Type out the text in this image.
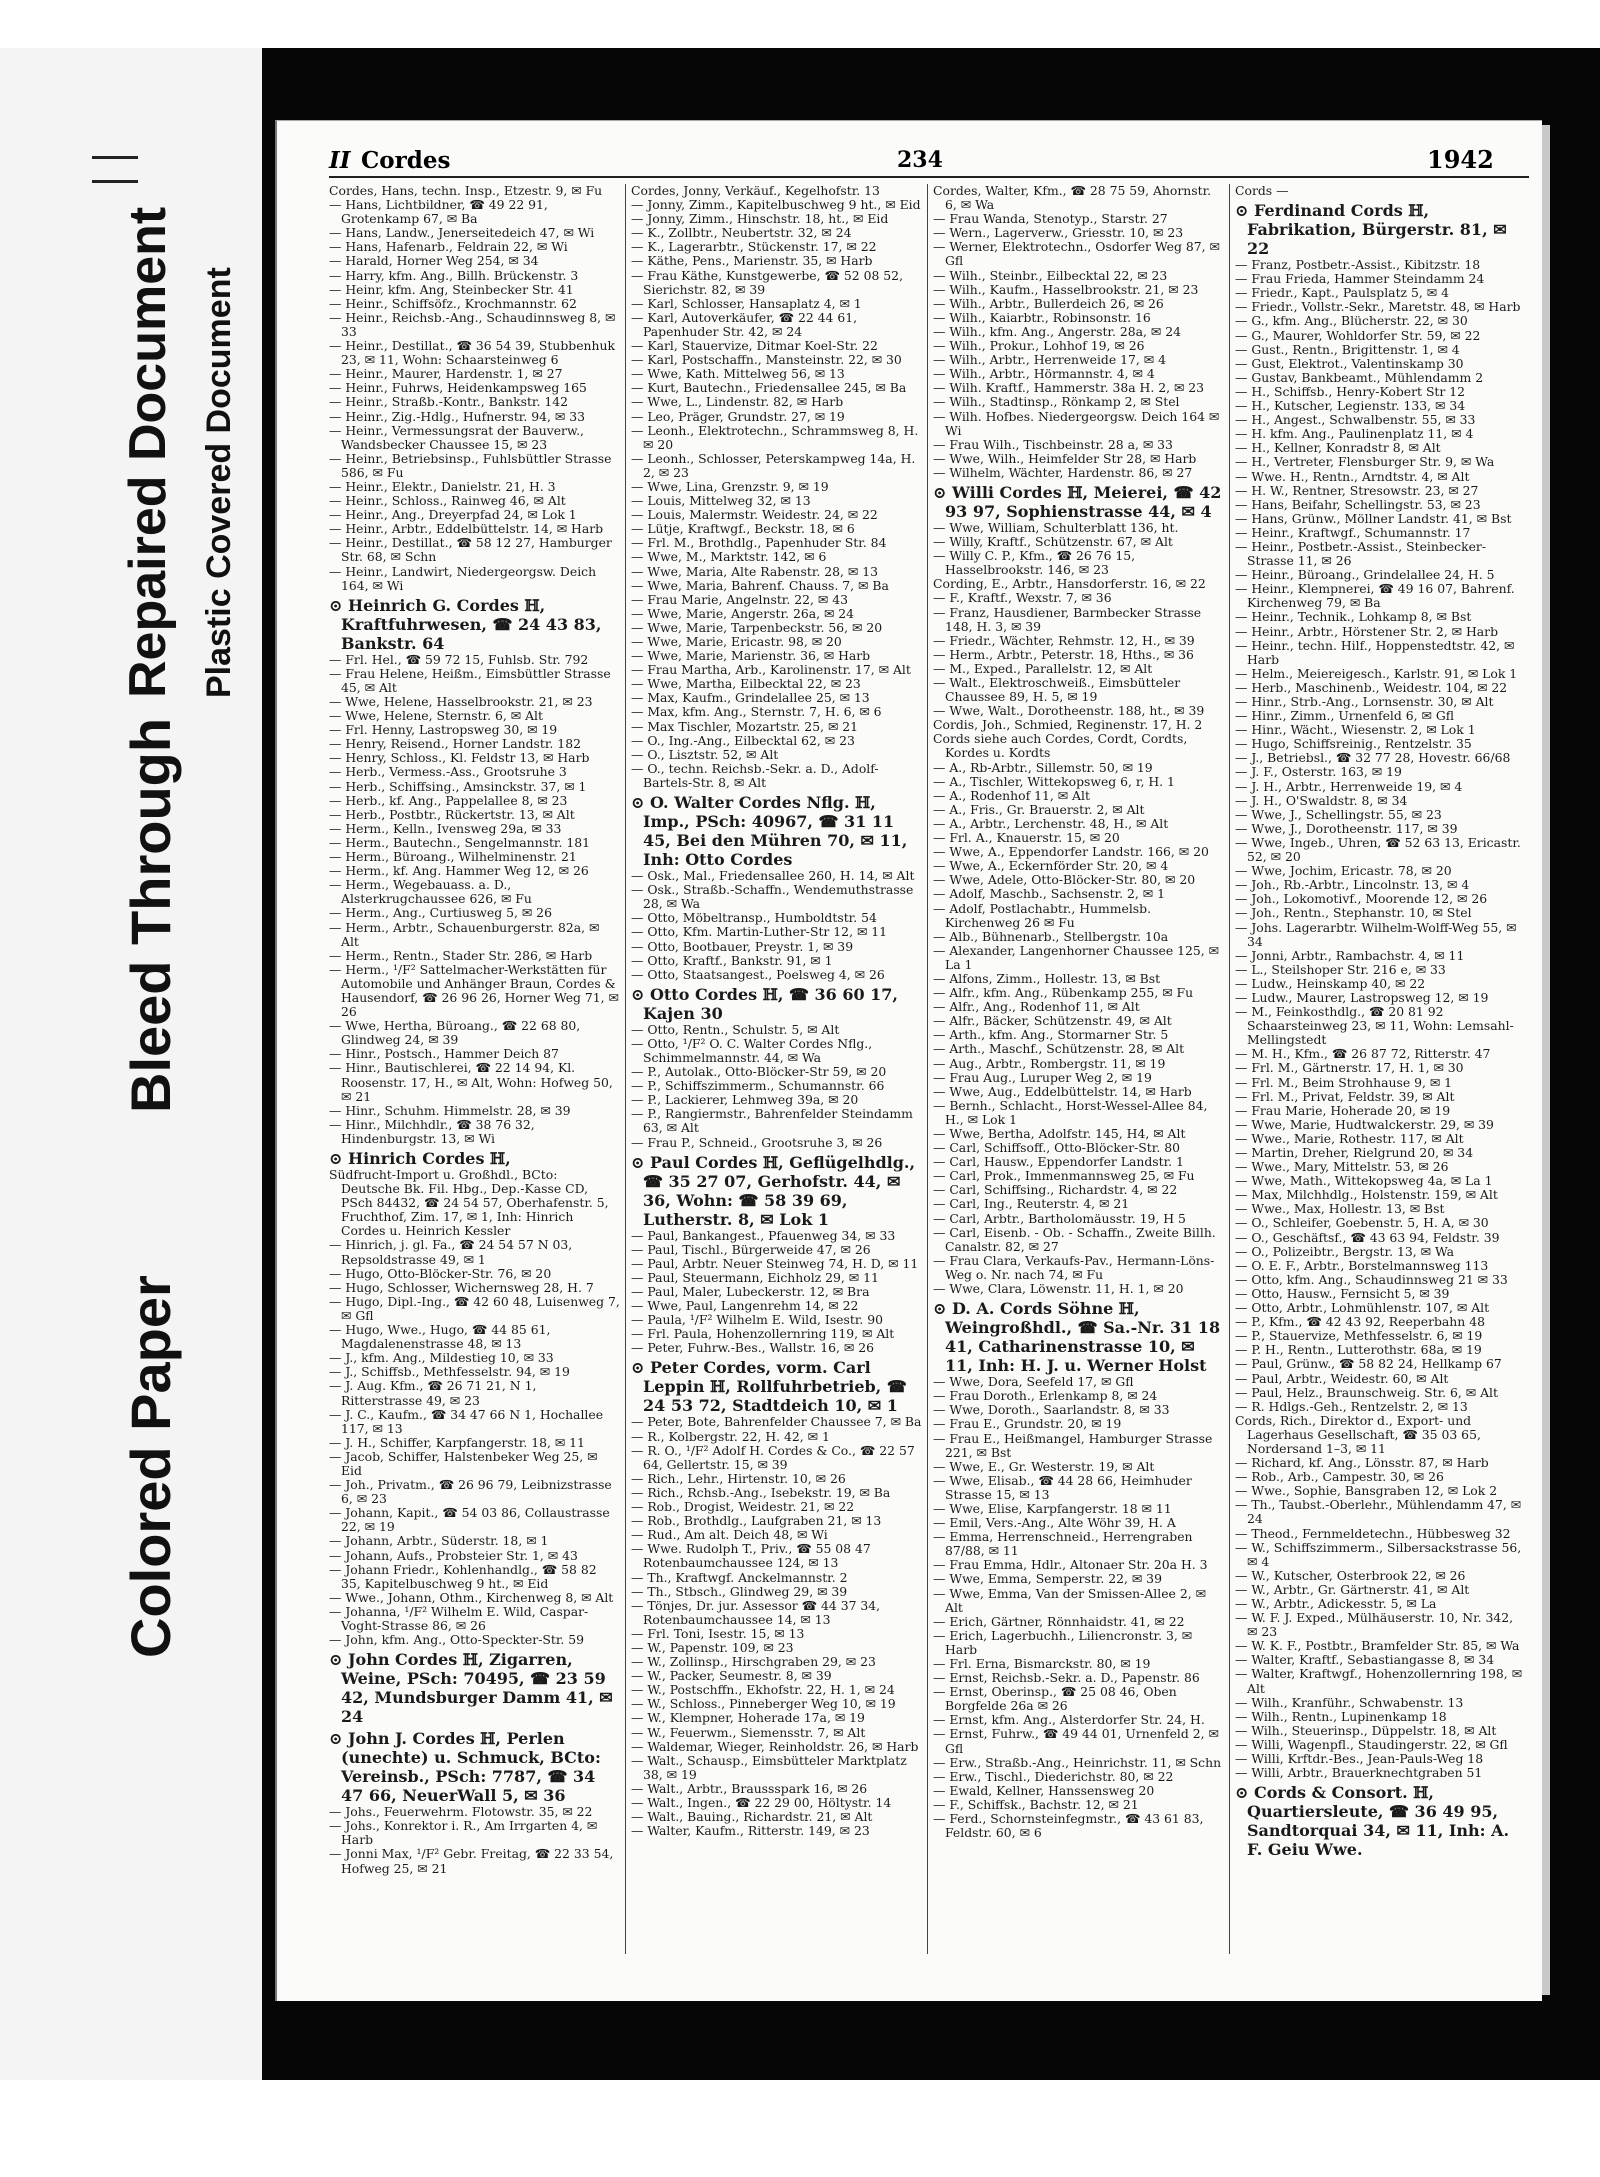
Repaired Document Plastic Covered Document
Bleed Through
Colored Paper
II Cordes	234	1942

Cordes, Hans, techn. Insp., Etzestr. 9, ✉ Fu

— Hans, Lichtbildner, ☎ 49 22 91, Grotenkamp 67, ✉ Ba

— Hans, Landw., Jenerseitedeich 47, ✉ Wi

— Hans, Hafenarb., Feldrain 22, ✉ Wi

— Harald, Horner Weg 254, ✉ 34

— Harry, kfm. Ang., Billh. Brückenstr. 3

— Heinr, kfm. Ang, Steinbecker Str. 41

— Heinr., Schiffsöfz., Krochmannstr. 62

— Heinr., Reichsb.-Ang., Schaudinnsweg 8, ✉ 33

— Heinr., Destillat., ☎ 36 54 39, Stubbenhuk 23, ✉ 11, Wohn: Schaarsteinweg 6

— Heinr., Maurer, Hardenstr. 1, ✉ 27

— Heinr., Fuhrws, Heidenkampsweg 165

— Heinr., Straßb.-Kontr., Bankstr. 142

— Heinr., Zig.-Hdlg., Hufnerstr. 94, ✉ 33

— Heinr., Vermessungsrat der Bauverw., Wandsbecker Chaussee 15, ✉ 23

— Heinr., Betriebsinsp., Fuhlsbüttler Strasse 586, ✉ Fu

— Heinr., Elektr., Danielstr. 21, H. 3

— Heinr., Schloss., Rainweg 46, ✉ Alt

— Heinr., Ang., Dreyerpfad 24, ✉ Lok 1

— Heinr., Arbtr., Eddelbüttelstr. 14, ✉ Harb

— Heinr., Destillat., ☎ 58 12 27, Hamburger Str. 68, ✉ Schn

— Heinr., Landwirt, Niedergeorgsw. Deich 164, ✉ Wi

⊙ Heinrich G. Cordes ℍ, Kraftfuhrwesen, ☎ 24 43 83, Bankstr. 64

— Frl. Hel., ☎ 59 72 15, Fuhlsb. Str. 792

— Frau Helene, Heißm., Eimsbüttler Strasse 45, ✉ Alt

— Wwe, Helene, Hasselbrookstr. 21, ✉ 23

— Wwe, Helene, Sternstr. 6, ✉ Alt

— Frl. Henny, Lastropsweg 30, ✉ 19

— Henry, Reisend., Horner Landstr. 182

— Henry, Schloss., Kl. Feldstr 13, ✉ Harb

— Herb., Vermess.-Ass., Grootsruhe 3

— Herb., Schiffsing., Amsinckstr. 37, ✉ 1

— Herb., kf. Ang., Pappelallee 8, ✉ 23

— Herb., Postbtr., Rückertstr. 13, ✉ Alt

— Herm., Kelln., Ivensweg 29a, ✉ 33

— Herm., Bautechn., Sengelmannstr. 181

— Herm., Büroang., Wilhelminenstr. 21

— Herm., kf. Ang. Hammer Weg 12, ✉ 26

— Herm., Wegebauass. a. D., Alsterkrugchaussee 626, ✉ Fu

— Herm., Ang., Curtiusweg 5, ✉ 26

— Herm., Arbtr., Schauenburgerstr. 82a, ✉ Alt

— Herm., Rentn., Stader Str. 286, ✉ Harb

— Herm., ¹/F² Sattelmacher-Werkstätten für Automobile und Anhänger Braun, Cordes & Hausendorf, ☎ 26 96 26, Horner Weg 71, ✉ 26

— Wwe, Hertha, Büroang., ☎ 22 68 80, Glindweg 24, ✉ 39

— Hinr., Postsch., Hammer Deich 87

— Hinr., Bautischlerei, ☎ 22 14 94, Kl. Roosenstr. 17, H., ✉ Alt, Wohn: Hofweg 50, ✉ 21

— Hinr., Schuhm. Himmelstr. 28, ✉ 39

— Hinr., Milchhdlr., ☎ 38 76 32, Hindenburgstr. 13, ✉ Wi

⊙ Hinrich Cordes ℍ,

Südfrucht-Import u. Großhdl., BCto: Deutsche Bk. Fil. Hbg., Dep.-Kasse CD, PSch 84432, ☎ 24 54 57, Oberhafenstr. 5, Fruchthof, Zim. 17, ✉ 1, Inh: Hinrich Cordes u. Heinrich Kessler

— Hinrich, j. gl. Fa., ☎ 24 54 57 N 03, Repsoldstrasse 49, ✉ 1

— Hugo, Otto-Blöcker-Str. 76, ✉ 20

— Hugo, Schlosser, Wichernsweg 28, H. 7

— Hugo, Dipl.-Ing., ☎ 42 60 48, Luisenweg 7, ✉ Gfl

— Hugo, Wwe., Hugo, ☎ 44 85 61, Magdalenenstrasse 48, ✉ 13

— J., kfm. Ang., Mildestieg 10, ✉ 33

— J., Schiffsb., Methfesselstr. 94, ✉ 19

— J. Aug. Kfm., ☎ 26 71 21, N 1, Ritterstrasse 49, ✉ 23

— J. C., Kaufm., ☎ 34 47 66 N 1, Hochallee 117, ✉ 13

— J. H., Schiffer, Karpfangerstr. 18, ✉ 11

— Jacob, Schiffer, Halstenbeker Weg 25, ✉ Eid

— Joh., Privatm., ☎ 26 96 79, Leibnizstrasse 6, ✉ 23

— Johann, Kapit., ☎ 54 03 86, Collaustrasse 22, ✉ 19

— Johann, Arbtr., Süderstr. 18, ✉ 1

— Johann, Aufs., Probsteier Str. 1, ✉ 43

— Johann Friedr., Kohlenhandlg., ☎ 58 82 35, Kapitelbuschweg 9 ht., ✉ Eid

— Wwe., Johann, Othm., Kirchenweg 8, ✉ Alt

— Johanna, ¹/F² Wilhelm E. Wild, Caspar-Voght-Strasse 86, ✉ 26

— John, kfm. Ang., Otto-Speckter-Str. 59

⊙ John Cordes ℍ, Zigarren, Weine, PSch: 70495, ☎ 23 59 42, Mundsburger Damm 41, ✉ 24

⊙ John J. Cordes ℍ, Perlen (unechte) u. Schmuck, BCto: Vereinsb., PSch: 7787, ☎ 34 47 66, NeuerWall 5, ✉ 36

— Johs., Feuerwehrm. Flotowstr. 35, ✉ 22

— Johs., Konrektor i. R., Am Irrgarten 4, ✉ Harb

— Jonni Max, ¹/F² Gebr. Freitag, ☎ 22 33 54, Hofweg 25, ✉ 21

Cordes, Jonny, Verkäuf., Kegelhofstr. 13

— Jonny, Zimm., Kapitelbuschweg 9 ht., ✉ Eid

— Jonny, Zimm., Hinschstr. 18, ht., ✉ Eid

— K., Zollbtr., Neubertstr. 32, ✉ 24

— K., Lagerarbtr., Stückenstr. 17, ✉ 22

— Käthe, Pens., Marienstr. 35, ✉ Harb

— Frau Käthe, Kunstgewerbe, ☎ 52 08 52, Sierichstr. 82, ✉ 39

— Karl, Schlosser, Hansaplatz 4, ✉ 1

— Karl, Autoverkäufer, ☎ 22 44 61, Papenhuder Str. 42, ✉ 24

— Karl, Stauervize, Ditmar Koel-Str. 22

— Karl, Postschaffn., Mansteinstr. 22, ✉ 30

— Wwe, Kath. Mittelweg 56, ✉ 13

— Kurt, Bautechn., Friedensallee 245, ✉ Ba

— Wwe, L., Lindenstr. 82, ✉ Harb

— Leo, Präger, Grundstr. 27, ✉ 19

— Leonh., Elektrotechn., Schrammsweg 8, H. ✉ 20

— Leonh., Schlosser, Peterskampweg 14a, H. 2, ✉ 23

— Wwe, Lina, Grenzstr. 9, ✉ 19

— Louis, Mittelweg 32, ✉ 13

— Louis, Malermstr. Weidestr. 24, ✉ 22

— Lütje, Kraftwgf., Beckstr. 18, ✉ 6

— Frl. M., Brothdlg., Papenhuder Str. 84

— Wwe, M., Marktstr. 142, ✉ 6

— Wwe, Maria, Alte Rabenstr. 28, ✉ 13

— Wwe, Maria, Bahrenf. Chauss. 7, ✉ Ba

— Frau Marie, Angelnstr. 22, ✉ 43

— Wwe, Marie, Angerstr. 26a, ✉ 24

— Wwe, Marie, Tarpenbeckstr. 56, ✉ 20

— Wwe, Marie, Ericastr. 98, ✉ 20

— Wwe, Marie, Marienstr. 36, ✉ Harb

— Frau Martha, Arb., Karolinenstr. 17, ✉ Alt

— Wwe, Martha, Eilbecktal 22, ✉ 23

— Max, Kaufm., Grindelallee 25, ✉ 13

— Max, kfm. Ang., Sternstr. 7, H. 6, ✉ 6

— Max Tischler, Mozartstr. 25, ✉ 21

— O., Ing.-Ang., Eilbecktal 62, ✉ 23

— O., Lisztstr. 52, ✉ Alt

— O., techn. Reichsb.-Sekr. a. D., Adolf-Bartels-Str. 8, ✉ Alt

⊙ O. Walter Cordes Nflg. ℍ, Imp., PSch: 40967, ☎ 31 11 45, Bei den Mühren 70, ✉ 11, Inh: Otto Cordes

— Osk., Mal., Friedensallee 260, H. 14, ✉ Alt

— Osk., Straßb.-Schaffn., Wendemuthstrasse 28, ✉ Wa

— Otto, Möbeltransp., Humboldtstr. 54

— Otto, Kfm. Martin-Luther-Str 12, ✉ 11

— Otto, Bootbauer, Preystr. 1, ✉ 39

— Otto, Kraftf., Bankstr. 91, ✉ 1

— Otto, Staatsangest., Poelsweg 4, ✉ 26

⊙ Otto Cordes ℍ, ☎ 36 60 17, Kajen 30

— Otto, Rentn., Schulstr. 5, ✉ Alt

— Otto, ¹/F² O. C. Walter Cordes Nflg., Schimmelmannstr. 44, ✉ Wa

— P., Autolak., Otto-Blöcker-Str 59, ✉ 20

— P., Schiffszimmerm., Schumannstr. 66

— P., Lackierer, Lehmweg 39a, ✉ 20

— P., Rangiermstr., Bahrenfelder Steindamm 63, ✉ Alt

— Frau P., Schneid., Grootsruhe 3, ✉ 26

⊙ Paul Cordes ℍ, Geflügelhdlg., ☎ 35 27 07, Gerhofstr. 44, ✉ 36, Wohn: ☎ 58 39 69, Lutherstr. 8, ✉ Lok 1

— Paul, Bankangest., Pfauenweg 34, ✉ 33

— Paul, Tischl., Bürgerweide 47, ✉ 26

— Paul, Arbtr. Neuer Steinweg 74, H. D, ✉ 11

— Paul, Steuermann, Eichholz 29, ✉ 11

— Paul, Maler, Lubeckerstr. 12, ✉ Bra

— Wwe, Paul, Langenrehm 14, ✉ 22

— Paula, ¹/F² Wilhelm E. Wild, Isestr. 90

— Frl. Paula, Hohenzollernring 119, ✉ Alt

— Peter, Fuhrw.-Bes., Wallstr. 16, ✉ 26

⊙ Peter Cordes, vorm. Carl Leppin ℍ, Rollfuhrbetrieb, ☎ 24 53 72, Stadtdeich 10, ✉ 1

— Peter, Bote, Bahrenfelder Chaussee 7, ✉ Ba

— R., Kolbergstr. 22, H. 42, ✉ 1

— R. O., ¹/F² Adolf H. Cordes & Co., ☎ 22 57 64, Gellertstr. 15, ✉ 39

— Rich., Lehr., Hirtenstr. 10, ✉ 26

— Rich., Rchsb.-Ang., Isebekstr. 19, ✉ Ba

— Rob., Drogist, Weidestr. 21, ✉ 22

— Rob., Brothdlg., Laufgraben 21, ✉ 13

— Rud., Am alt. Deich 48, ✉ Wi

— Wwe. Rudolph T., Priv., ☎ 55 08 47 Rotenbaumchaussee 124, ✉ 13

— Th., Kraftwgf. Anckelmannstr. 2

— Th., Stbsch., Glindweg 29, ✉ 39

— Tönjes, Dr. jur. Assessor ☎ 44 37 34, Rotenbaumchaussee 14, ✉ 13

— Frl. Toni, Isestr. 15, ✉ 13

— W., Papenstr. 109, ✉ 23

— W., Zollinsp., Hirschgraben 29, ✉ 23

— W., Packer, Seumestr. 8, ✉ 39

— W., Postschffn., Ekhofstr. 22, H. 1, ✉ 24

— W., Schloss., Pinneberger Weg 10, ✉ 19

— W., Klempner, Hoherade 17a, ✉ 19

— W., Feuerwm., Siemensstr. 7, ✉ Alt

— Waldemar, Wieger, Reinholdstr. 26, ✉ Harb

— Walt., Schausp., Eimsbütteler Marktplatz 38, ✉ 19

— Walt., Arbtr., Braussspark 16, ✉ 26

— Walt., Ingen., ☎ 22 29 00, Höltystr. 14

— Walt., Bauing., Richardstr. 21, ✉ Alt

— Walter, Kaufm., Ritterstr. 149, ✉ 23

Cordes, Walter, Kfm., ☎ 28 75 59, Ahornstr. 6, ✉ Wa

— Frau Wanda, Stenotyp., Starstr. 27

— Wern., Lagerverw., Griesstr. 10, ✉ 23

— Werner, Elektrotechn., Osdorfer Weg 87, ✉ Gfl

— Wilh., Steinbr., Eilbecktal 22, ✉ 23

— Wilh., Kaufm., Hasselbrookstr. 21, ✉ 23

— Wilh., Arbtr., Bullerdeich 26, ✉ 26

— Wilh., Kaiarbtr., Robinsonstr. 16

— Wilh., kfm. Ang., Angerstr. 28a, ✉ 24

— Wilh., Prokur., Lohhof 19, ✉ 26

— Wilh., Arbtr., Herrenweide 17, ✉ 4

— Wilh., Arbtr., Hörmannstr. 4, ✉ 4

— Wilh. Kraftf., Hammerstr. 38a H. 2, ✉ 23

— Wilh., Stadtinsp., Rönkamp 2, ✉ Stel

— Wilh. Hofbes. Niedergeorgsw. Deich 164 ✉ Wi

— Frau Wilh., Tischbeinstr. 28 a, ✉ 33

— Wwe, Wilh., Heimfelder Str 28, ✉ Harb

— Wilhelm, Wächter, Hardenstr. 86, ✉ 27

⊙ Willi Cordes ℍ, Meierei, ☎ 42 93 97, Sophienstrasse 44, ✉ 4

— Wwe, William, Schulterblatt 136, ht.

— Willy, Kraftf., Schützenstr. 67, ✉ Alt

— Willy C. P., Kfm., ☎ 26 76 15, Hasselbrookstr. 146, ✉ 23

Cording, E., Arbtr., Hansdorferstr. 16, ✉ 22

— F., Kraftf., Wexstr. 7, ✉ 36

— Franz, Hausdiener, Barmbecker Strasse 148, H. 3, ✉ 39

— Friedr., Wächter, Rehmstr. 12, H., ✉ 39

— Herm., Arbtr., Peterstr. 18, Hths., ✉ 36

— M., Exped., Parallelstr. 12, ✉ Alt

— Walt., Elektroschweiß., Eimsbütteler Chaussee 89, H. 5, ✉ 19

— Wwe, Walt., Dorotheenstr. 188, ht., ✉ 39

Cordis, Joh., Schmied, Reginenstr. 17, H. 2

Cords siehe auch Cordes, Cordt, Cordts, Kordes u. Kordts

— A., Rb-Arbtr., Sillemstr. 50, ✉ 19

— A., Tischler, Wittekopsweg 6, r, H. 1

— A., Rodenhof 11, ✉ Alt

— A., Fris., Gr. Brauerstr. 2, ✉ Alt

— A., Arbtr., Lerchenstr. 48, H., ✉ Alt

— Frl. A., Knauerstr. 15, ✉ 20

— Wwe, A., Eppendorfer Landstr. 166, ✉ 20

— Wwe, A., Eckernförder Str. 20, ✉ 4

— Wwe, Adele, Otto-Blöcker-Str. 80, ✉ 20

— Adolf, Maschb., Sachsenstr. 2, ✉ 1

— Adolf, Postlachabtr., Hummelsb. Kirchenweg 26 ✉ Fu

— Alb., Bühnenarb., Stellbergstr. 10a

— Alexander, Langenhorner Chaussee 125, ✉ La 1

— Alfons, Zimm., Hollestr. 13, ✉ Bst

— Alfr., kfm. Ang., Rübenkamp 255, ✉ Fu

— Alfr., Ang., Rodenhof 11, ✉ Alt

— Alfr., Bäcker, Schützenstr. 49, ✉ Alt

— Arth., kfm. Ang., Stormarner Str. 5

— Arth., Maschf., Schützenstr. 28, ✉ Alt

— Aug., Arbtr., Rombergstr. 11, ✉ 19

— Frau Aug., Luruper Weg 2, ✉ 19

— Wwe, Aug., Eddelbüttelstr. 14, ✉ Harb

— Bernh., Schlacht., Horst-Wessel-Allee 84, H., ✉ Lok 1

— Wwe, Bertha, Adolfstr. 145, H4, ✉ Alt

— Carl, Schiffsoff., Otto-Blöcker-Str. 80

— Carl, Hausw., Eppendorfer Landstr. 1

— Carl, Prok., Immenmannsweg 25, ✉ Fu

— Carl, Schiffsing., Richardstr. 4, ✉ 22

— Carl, Ing., Reuterstr. 4, ✉ 21

— Carl, Arbtr., Bartholomäusstr. 19, H 5

— Carl, Eisenb. - Ob. - Schaffn., Zweite Billh. Canalstr. 82, ✉ 27

— Frau Clara, Verkaufs-Pav., Hermann-Löns-Weg o. Nr. nach 74, ✉ Fu

— Wwe, Clara, Löwenstr. 11, H. 1, ✉ 20

⊙ D. A. Cords Söhne ℍ, Weingroßhdl., ☎ Sa.-Nr. 31 18 41, Catharinenstrasse 10, ✉ 11, Inh: H. J. u. Werner Holst

— Wwe, Dora, Seefeld 17, ✉ Gfl

— Frau Doroth., Erlenkamp 8, ✉ 24

— Wwe, Doroth., Saarlandstr. 8, ✉ 33

— Frau E., Grundstr. 20, ✉ 19

— Frau E., Heißmangel, Hamburger Strasse 221, ✉ Bst

— Wwe, E., Gr. Westerstr. 19, ✉ Alt

— Wwe, Elisab., ☎ 44 28 66, Heimhuder Strasse 15, ✉ 13

— Wwe, Elise, Karpfangerstr. 18 ✉ 11

— Emil, Vers.-Ang., Alte Wöhr 39, H. A

— Emma, Herrenschneid., Herrengraben 87/88, ✉ 11

— Frau Emma, Hdlr., Altonaer Str. 20a H. 3

— Wwe, Emma, Semperstr. 22, ✉ 39

— Wwe, Emma, Van der Smissen-Allee 2, ✉ Alt

— Erich, Gärtner, Rönnhaidstr. 41, ✉ 22

— Erich, Lagerbuchh., Liliencronstr. 3, ✉ Harb

— Frl. Erna, Bismarckstr. 80, ✉ 19

— Ernst, Reichsb.-Sekr. a. D., Papenstr. 86

— Ernst, Oberinsp., ☎ 25 08 46, Oben Borgfelde 26a ✉ 26

— Ernst, kfm. Ang., Alsterdorfer Str. 24, H.

— Ernst, Fuhrw., ☎ 49 44 01, Urnenfeld 2, ✉ Gfl

— Erw., Straßb.-Ang., Heinrichstr. 11, ✉ Schn

— Erw., Tischl., Diederichstr. 80, ✉ 22

— Ewald, Kellner, Hanssensweg 20

— F., Schiffsk., Bachstr. 12, ✉ 21

— Ferd., Schornsteinfegmstr., ☎ 43 61 83, Feldstr. 60, ✉ 6

Cords —

⊙ Ferdinand Cords ℍ, Fabrikation, Bürgerstr. 81, ✉ 22

— Franz, Postbetr.-Assist., Kibitzstr. 18

— Frau Frieda, Hammer Steindamm 24

— Friedr., Kapt., Paulsplatz 5, ✉ 4

— Friedr., Vollstr.-Sekr., Maretstr. 48, ✉ Harb

— G., kfm. Ang., Blücherstr. 22, ✉ 30

— G., Maurer, Wohldorfer Str. 59, ✉ 22

— Gust., Rentn., Brigittenstr. 1, ✉ 4

— Gust, Elektrot., Valentinskamp 30

— Gustav, Bankbeamt., Mühlendamm 2

— H., Schiffsb., Henry-Kobert Str 12

— H., Kutscher, Legienstr. 133, ✉ 34

— H., Angest., Schwalbenstr. 55, ✉ 33

— H. kfm. Ang., Paulinenplatz 11, ✉ 4

— H., Kellner, Konradstr 8, ✉ Alt

— H., Vertreter, Flensburger Str. 9, ✉ Wa

— Wwe. H., Rentn., Arndtstr. 4, ✉ Alt

— H. W., Rentner, Stresowstr. 23, ✉ 27

— Hans, Beifahr, Schellingstr. 53, ✉ 23

— Hans, Grünw., Möllner Landstr. 41, ✉ Bst

— Heinr., Kraftwgf., Schumannstr. 17

— Heinr., Postbetr.-Assist., Steinbecker-Strasse 11, ✉ 26

— Heinr., Büroang., Grindelallee 24, H. 5

— Heinr., Klempnerei, ☎ 49 16 07, Bahrenf. Kirchenweg 79, ✉ Ba

— Heinr., Technik., Lohkamp 8, ✉ Bst

— Heinr., Arbtr., Hörstener Str. 2, ✉ Harb

— Heinr., techn. Hilf., Hoppenstedtstr. 42, ✉ Harb

— Helm., Meiereigesch., Karlstr. 91, ✉ Lok 1

— Herb., Maschinenb., Weidestr. 104, ✉ 22

— Hinr., Strb.-Ang., Lornsenstr. 30, ✉ Alt

— Hinr., Zimm., Urnenfeld 6, ✉ Gfl

— Hinr., Wächt., Wiesenstr. 2, ✉ Lok 1

— Hugo, Schiffsreinig., Rentzelstr. 35

— J., Betriebsl., ☎ 32 77 28, Hovestr. 66/68

— J. F., Osterstr. 163, ✉ 19

— J. H., Arbtr., Herrenweide 19, ✉ 4

— J. H., O'Swaldstr. 8, ✉ 34

— Wwe, J., Schellingstr. 55, ✉ 23

— Wwe, J., Dorotheenstr. 117, ✉ 39

— Wwe, Ingeb., Uhren, ☎ 52 63 13, Ericastr. 52, ✉ 20

— Wwe, Jochim, Ericastr. 78, ✉ 20

— Joh., Rb.-Arbtr., Lincolnstr. 13, ✉ 4

— Joh., Lokomotivf., Moorende 12, ✉ 26

— Joh., Rentn., Stephanstr. 10, ✉ Stel

— Johs. Lagerarbtr. Wilhelm-Wolff-Weg 55, ✉ 34

— Jonni, Arbtr., Rambachstr. 4, ✉ 11

— L., Steilshoper Str. 216 e, ✉ 33

— Ludw., Heinskamp 40, ✉ 22

— Ludw., Maurer, Lastropsweg 12, ✉ 19

— M., Feinkosthdlg., ☎ 20 81 92 Schaarsteinweg 23, ✉ 11, Wohn: Lemsahl-Mellingstedt

— M. H., Kfm., ☎ 26 87 72, Ritterstr. 47

— Frl. M., Gärtnerstr. 17, H. 1, ✉ 30

— Frl. M., Beim Strohhause 9, ✉ 1

— Frl. M., Privat, Feldstr. 39, ✉ Alt

— Frau Marie, Hoherade 20, ✉ 19

— Wwe, Marie, Hudtwalckerstr. 29, ✉ 39

— Wwe., Marie, Rothestr. 117, ✉ Alt

— Martin, Dreher, Rielgrund 20, ✉ 34

— Wwe., Mary, Mittelstr. 53, ✉ 26

— Wwe, Math., Wittekopsweg 4a, ✉ La 1

— Max, Milchhdlg., Holstenstr. 159, ✉ Alt

— Wwe., Max, Hollestr. 13, ✉ Bst

— O., Schleifer, Goebenstr. 5, H. A, ✉ 30

— O., Geschäftsf., ☎ 43 63 94, Feldstr. 39

— O., Polizeibtr., Bergstr. 13, ✉ Wa

— O. E. F., Arbtr., Borstelmannsweg 113

— Otto, kfm. Ang., Schaudinnsweg 21 ✉ 33

— Otto, Hausw., Fernsicht 5, ✉ 39

— Otto, Arbtr., Lohmühlenstr. 107, ✉ Alt

— P., Kfm., ☎ 42 43 92, Reeperbahn 48

— P., Stauervize, Methfesselstr. 6, ✉ 19

— P. H., Rentn., Lutterothstr. 68a, ✉ 19

— Paul, Grünw., ☎ 58 82 24, Hellkamp 67

— Paul, Arbtr., Weidestr. 60, ✉ Alt

— Paul, Helz., Braunschweig. Str. 6, ✉ Alt

— R. Hdlgs.-Geh., Rentzelstr. 2, ✉ 13

Cords, Rich., Direktor d., Export- und Lagerhaus Gesellschaft, ☎ 35 03 65, Nordersand 1–3, ✉ 11

— Richard, kf. Ang., Lönsstr. 87, ✉ Harb

— Rob., Arb., Campestr. 30, ✉ 26

— Wwe., Sophie, Bansgraben 12, ✉ Lok 2

— Th., Taubst.-Oberlehr., Mühlendamm 47, ✉ 24

— Theod., Fernmeldetechn., Hübbesweg 32

— W., Schiffszimmerm., Silbersackstrasse 56, ✉ 4

— W., Kutscher, Osterbrook 22, ✉ 26

— W., Arbtr., Gr. Gärtnerstr. 41, ✉ Alt

— W., Arbtr., Adickesstr. 5, ✉ La

— W. F. J. Exped., Mülhäuserstr. 10, Nr. 342, ✉ 23

— W. K. F., Postbtr., Bramfelder Str. 85, ✉ Wa

— Walter, Kraftf., Sebastiangasse 8, ✉ 34

— Walter, Kraftwgf., Hohenzollernring 198, ✉ Alt

— Wilh., Kranführ., Schwabenstr. 13

— Wilh., Rentn., Lupinenkamp 18

— Wilh., Steuerinsp., Düppelstr. 18, ✉ Alt

— Willi, Wagenpfl., Staudingerstr. 22, ✉ Gfl

— Willi, Krftdr.-Bes., Jean-Pauls-Weg 18

— Willi, Arbtr., Brauerknechtgraben 51

⊙ Cords & Consort. ℍ, Quartiersleute, ☎ 36 49 95, Sandtorquai 34, ✉ 11, Inh: A. F. Geiu Wwe.
